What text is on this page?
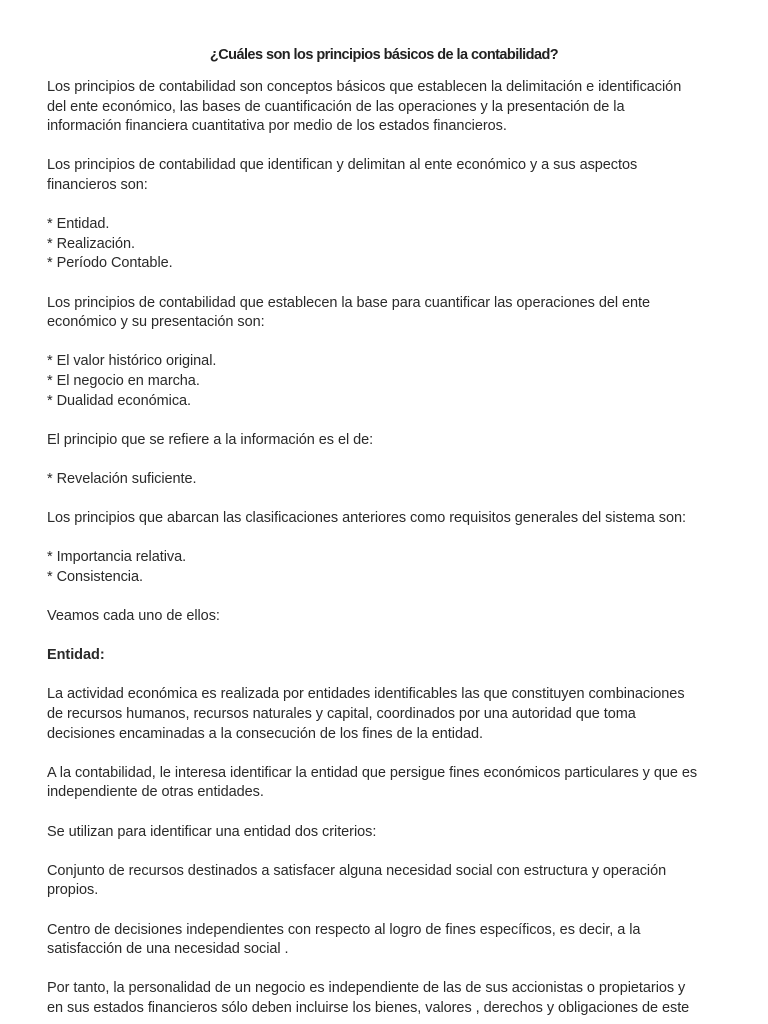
¿Cuáles son los principios básicos de la contabilidad?

Los principios de contabilidad son conceptos básicos que establecen la delimitación e identificación
del ente económico, las bases de cuantificación de las operaciones y la presentación de la
información financiera cuantitativa por medio de los estados financieros.

Los principios de contabilidad que identifican y delimitan al ente económico y a sus aspectos
financieros son:

* Entidad.
* Realización.
* Período Contable.

Los principios de contabilidad que establecen la base para cuantificar las operaciones del ente
económico y su presentación son:

* El valor histórico original.
* El negocio en marcha.
* Dualidad económica.

El principio que se refiere a la información es el de:

* Revelación suficiente.

Los principios que abarcan las clasificaciones anteriores como requisitos generales del sistema son:

* Importancia relativa.
* Consistencia.

Veamos cada uno de ellos:

Entidad:

La actividad económica es realizada por entidades identificables las que constituyen combinaciones
de recursos humanos, recursos naturales y capital, coordinados por una autoridad que toma
decisiones encaminadas a la consecución de los fines de la entidad.

A la contabilidad, le interesa identificar la entidad que persigue fines económicos particulares y que es
independiente de otras entidades.

Se utilizan para identificar una entidad dos criterios:

Conjunto de recursos destinados a satisfacer alguna necesidad social con estructura y operación
propios.

Centro de decisiones independientes con respecto al logro de fines específicos, es decir, a la
satisfacción de una necesidad social .

Por tanto, la personalidad de un negocio es independiente de las de sus accionistas o propietarios y
en sus estados financieros sólo deben incluirse los bienes, valores , derechos y obligaciones de este
